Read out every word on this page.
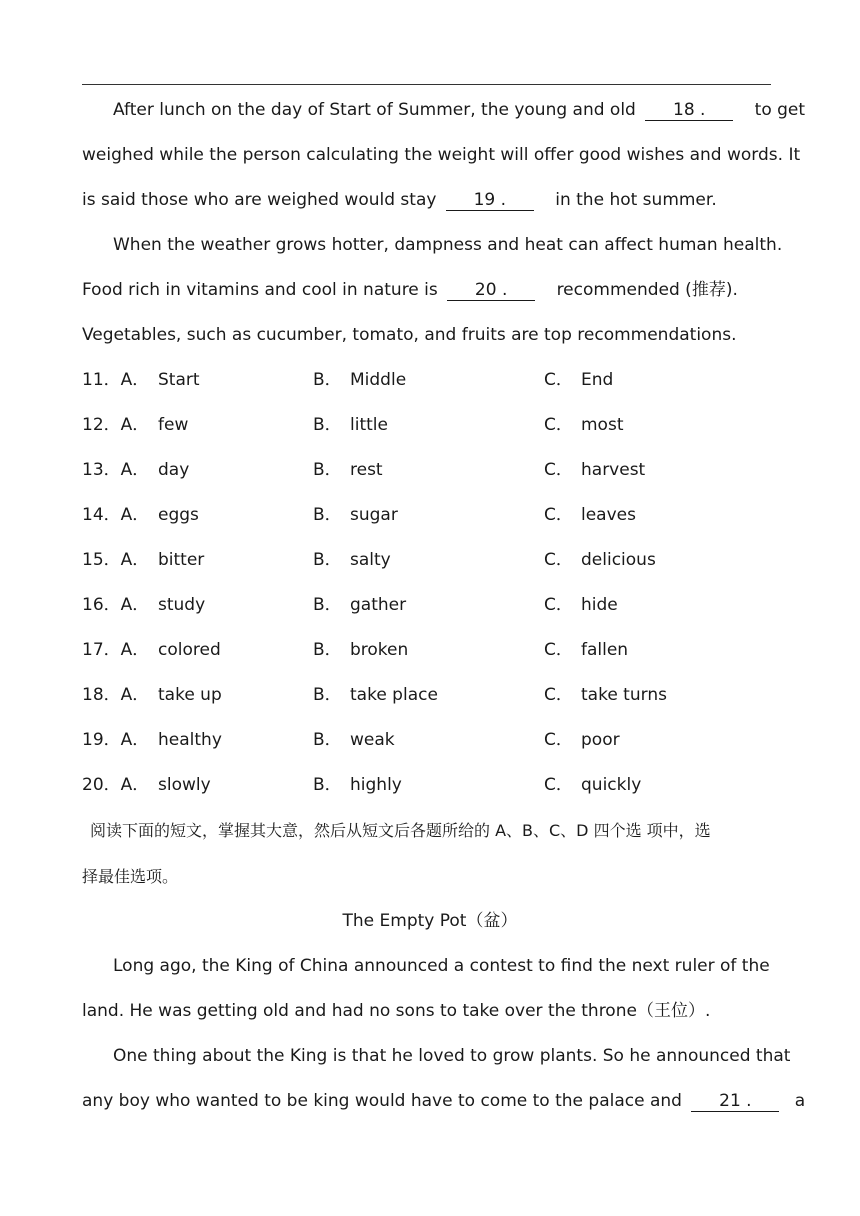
After lunch on the day of Start of Summer, the young and old 18 .	to get
weighed while the person calculating the weight will offer good wishes and words. It
is said those who are weighed would stay 19 .	in the hot summer.
When the weather grows hotter, dampness and heat can affect human health.
Food rich in vitamins and cool in nature is 20 .	recommended (推荐).
Vegetables, such as cucumber, tomato, and fruits are top recommendations.
11．A． Start	B． Middle	C． End
12．A． few	B． little	C． most
13．A． day	B． rest	C． harvest
14．A． eggs	B． sugar	C． leaves
15．A． bitter	B． salty	C． delicious
16．A． study	B． gather	C． hide
17．A． colored	B． broken	C． fallen
18．A． take up	B． take place	C． take turns
19．A． healthy	B． weak	C． poor
20．A． slowly	B． highly	C． quickly
阅读下面的短文，掌握其大意，然后从短文后各题所给的 A、B、C、D 四个选 项中，选
择最佳选项。
The Empty Pot（盆）
Long ago, the King of China announced a contest to find the next ruler of the
land. He was getting old and had no sons to take over the throne（王位）.
One thing about the King is that he loved to grow plants. So he announced that
any boy who wanted to be king would have to come to the palace and 21 .	a
